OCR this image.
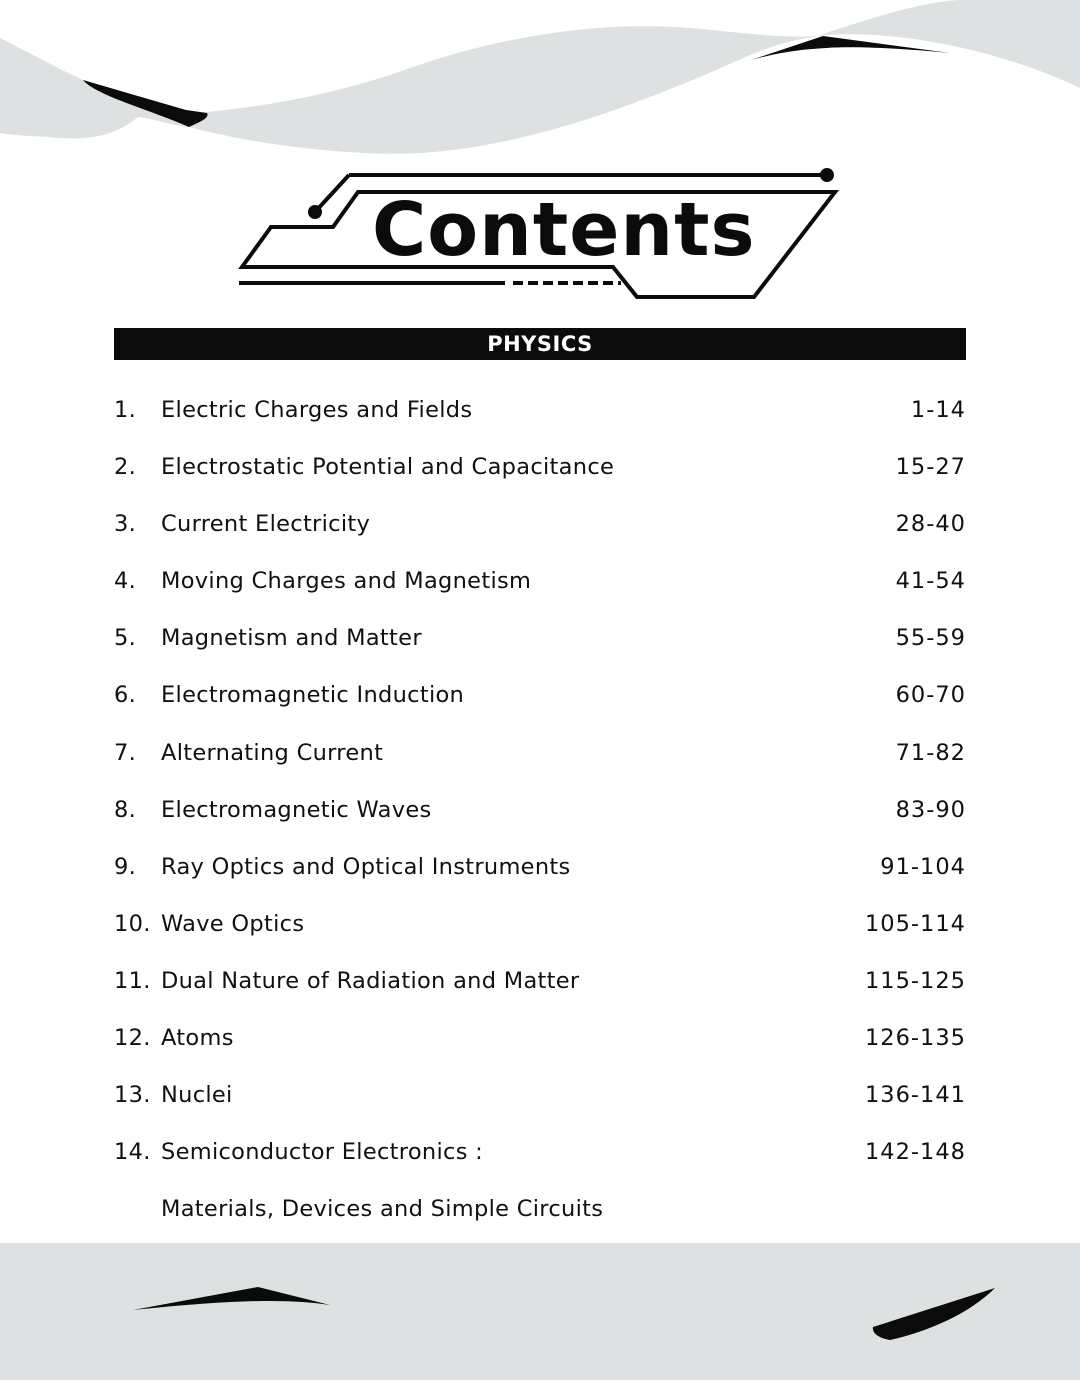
Contents
PHYSICS
1. Electric Charges and Fields	1-14
2. Electrostatic Potential and Capacitance	15-27
3. Current Electricity	28-40
4. Moving Charges and Magnetism	41-54
5. Magnetism and Matter	55-59
6. Electromagnetic Induction	60-70
7. Alternating Current	71-82
8. Electromagnetic Waves	83-90
9. Ray Optics and Optical Instruments	91-104
10. Wave Optics	105-114
11. Dual Nature of Radiation and Matter	115-125
12. Atoms	126-135
13. Nuclei	136-141
14. Semiconductor Electronics :	142-148
Materials, Devices and Simple Circuits
